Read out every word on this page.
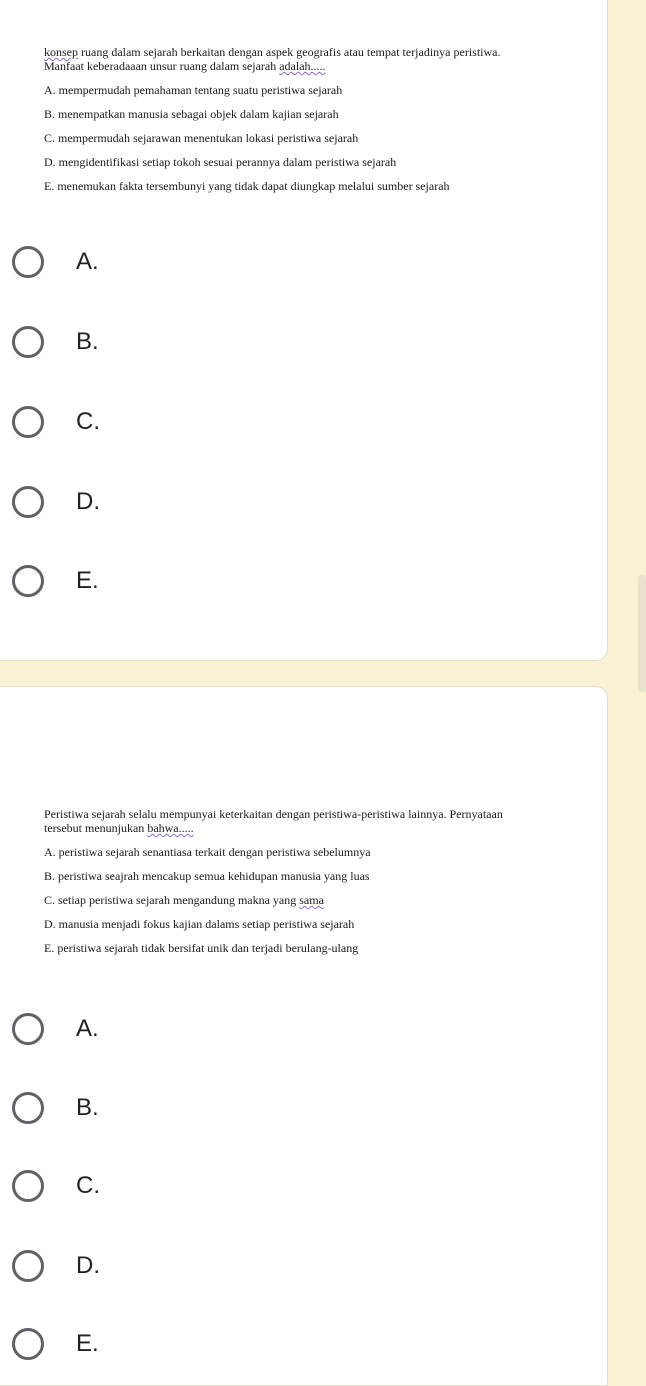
konsep ruang dalam sejarah berkaitan dengan aspek geografis atau tempat terjadinya peristiwa.
Manfaat keberadaaan unsur ruang dalam sejarah adalah.....
A. mempermudah pemahaman tentang suatu peristiwa sejarah
B. menempatkan manusia sebagai objek dalam kajian sejarah
C. mempermudah sejarawan menentukan lokasi peristiwa sejarah
D. mengidentifikasi setiap tokoh sesuai perannya dalam peristiwa sejarah
E. menemukan fakta tersembunyi yang tidak dapat diungkap melalui sumber sejarah
A.
B.
C.
D.
E.
Peristiwa sejarah selalu mempunyai keterkaitan dengan peristiwa-peristiwa lainnya. Pernyataan
tersebut menunjukan bahwa.....
A. peristiwa sejarah senantiasa terkait dengan peristiwa sebelumnya
B. peristiwa seajrah mencakup semua kehidupan manusia yang luas
C. setiap peristiwa sejarah mengandung makna yang sama
D. manusia menjadi fokus kajian dalams setiap peristiwa sejarah
E. peristiwa sejarah tidak bersifat unik dan terjadi berulang-ulang
A.
B.
C.
D.
E.
